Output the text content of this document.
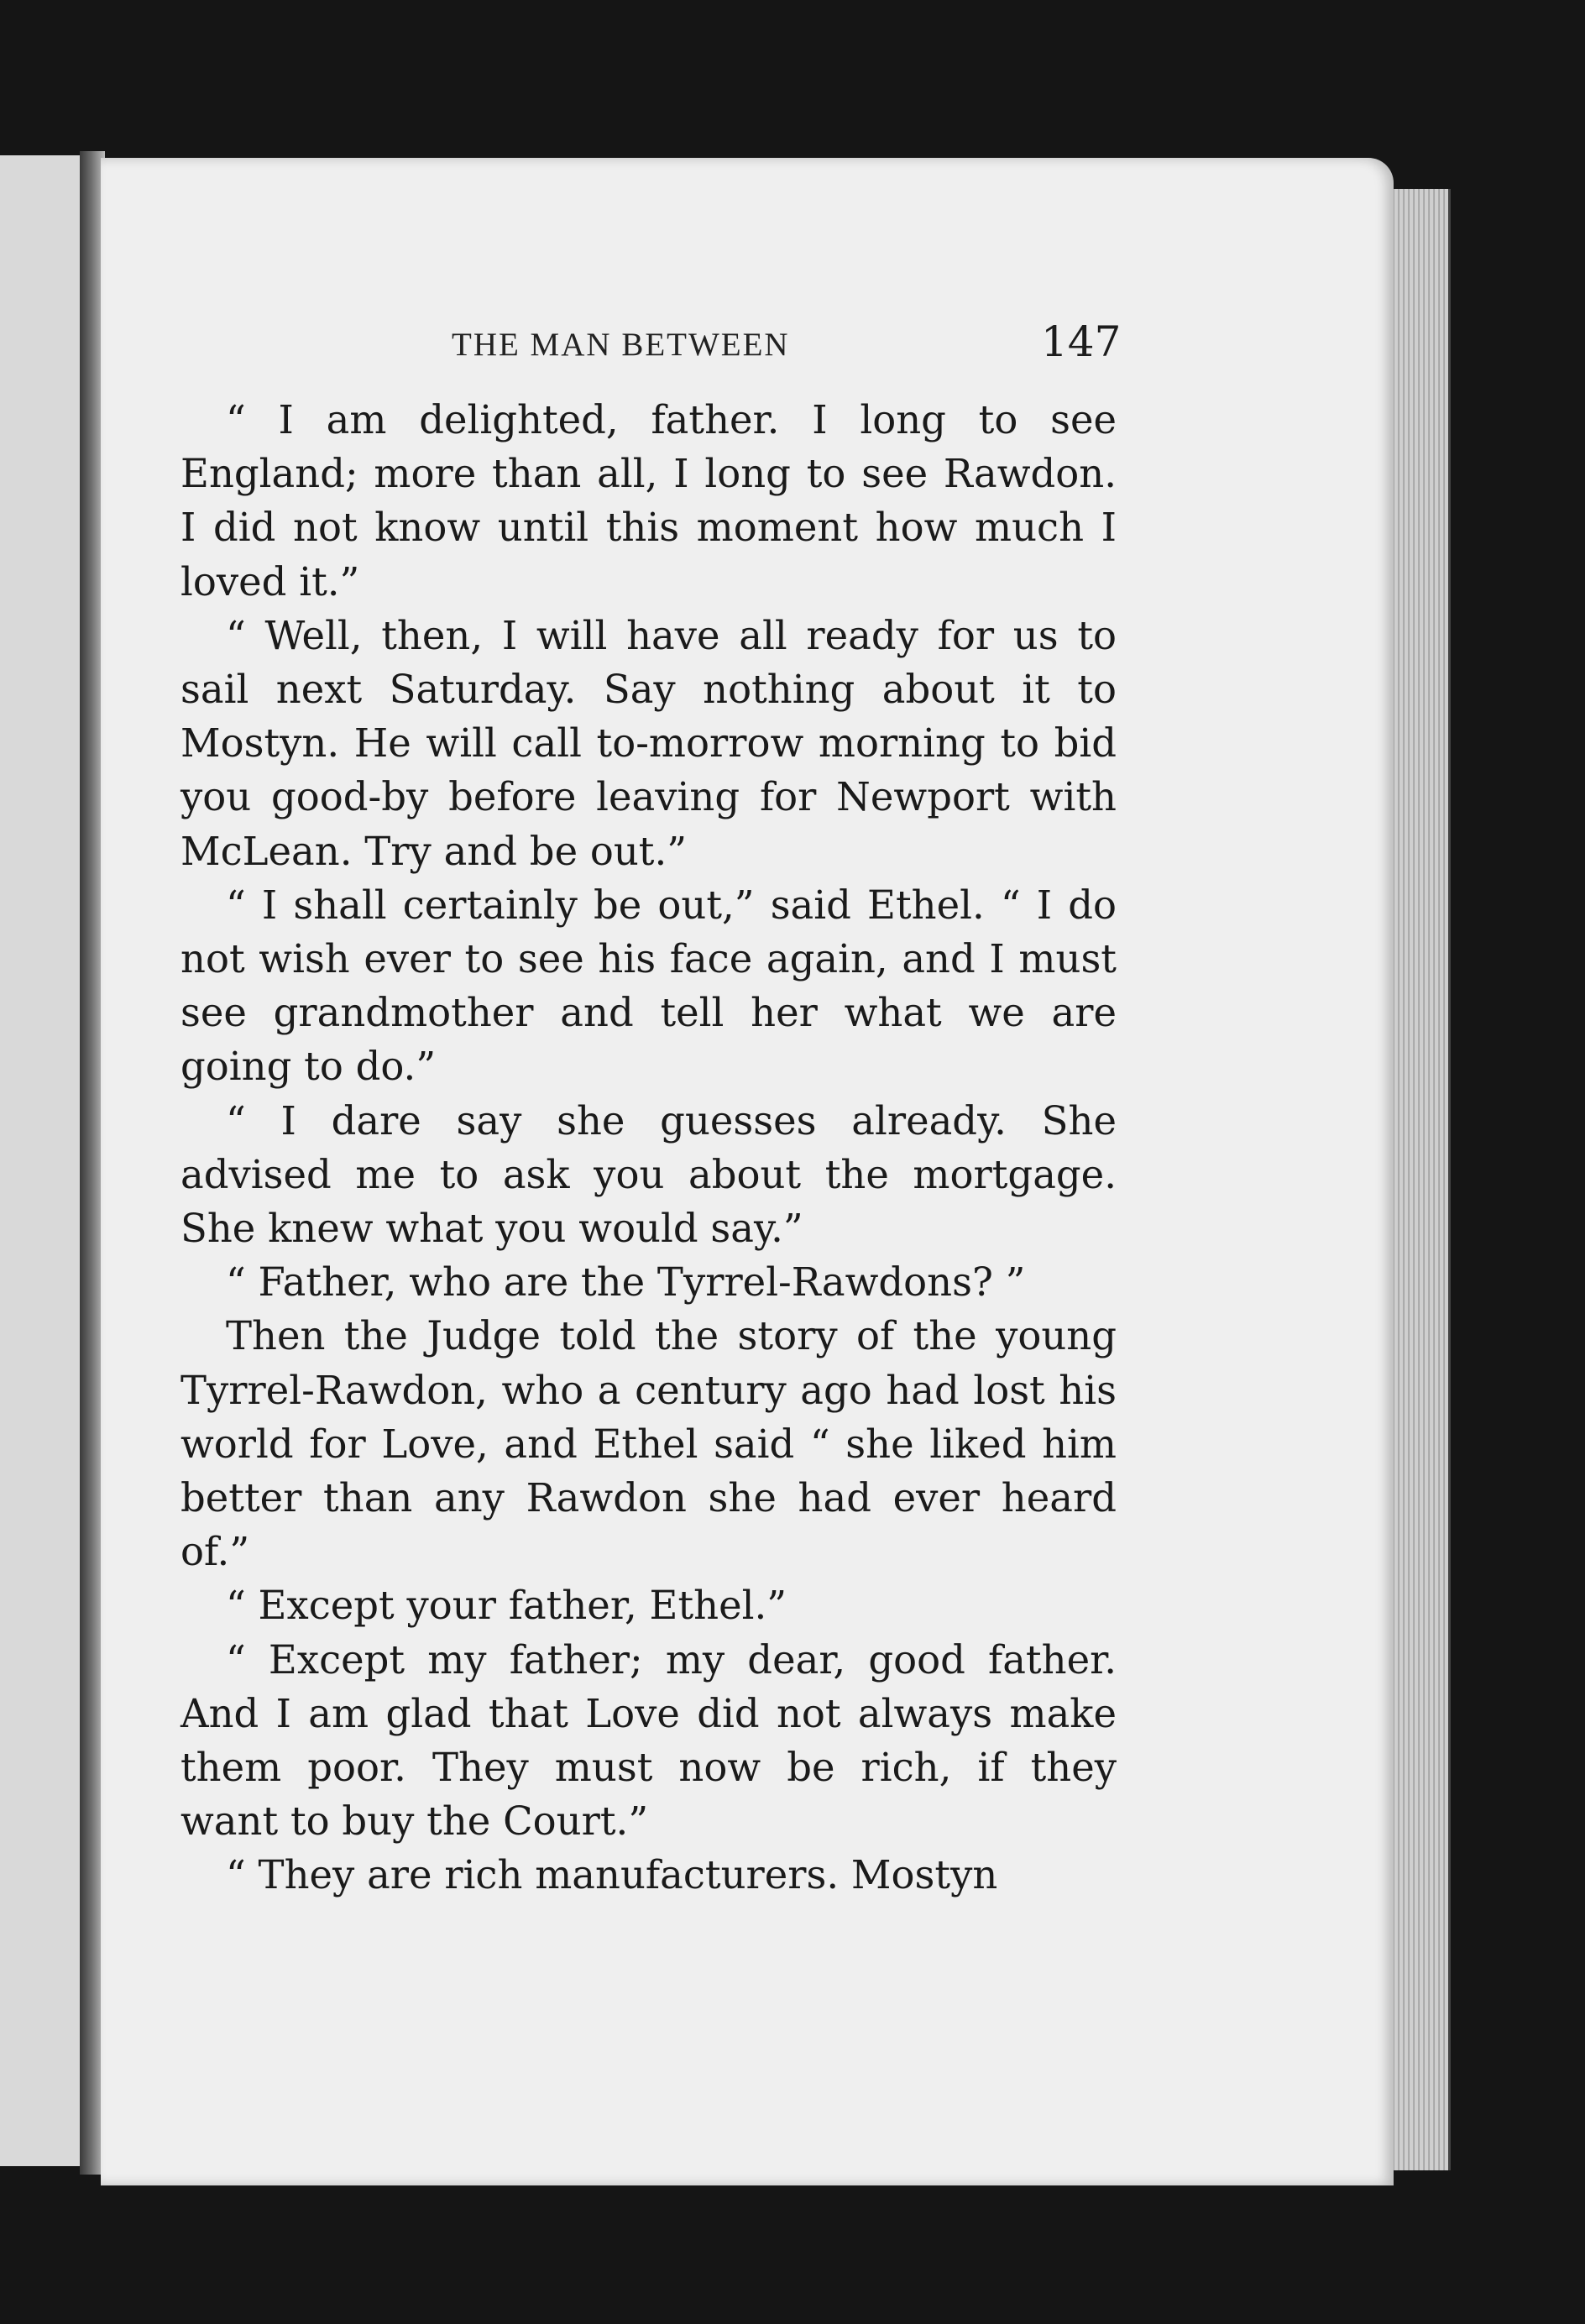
THE MAN BETWEEN	147

“ I am delighted, father. I long to see England; more than all, I long to see Rawdon. I did not know until this moment how much I loved it.”

“ Well, then, I will have all ready for us to sail next Saturday. Say nothing about it to Mostyn. He will call to-morrow morning to bid you good-by before leaving for Newport with McLean. Try and be out.”

“ I shall certainly be out,” said Ethel. “ I do not wish ever to see his face again, and I must see grandmother and tell her what we are going to do.”

“ I dare say she guesses already. She advised me to ask you about the mortgage. She knew what you would say.”

“ Father, who are the Tyrrel-Rawdons? ”

Then the Judge told the story of the young Tyrrel-Rawdon, who a century ago had lost his world for Love, and Ethel said “ she liked him better than any Rawdon she had ever heard of.”

“ Except your father, Ethel.”

“ Except my father; my dear, good father. And I am glad that Love did not always make them poor. They must now be rich, if they want to buy the Court.”

“ They are rich manufacturers. Mostyn
